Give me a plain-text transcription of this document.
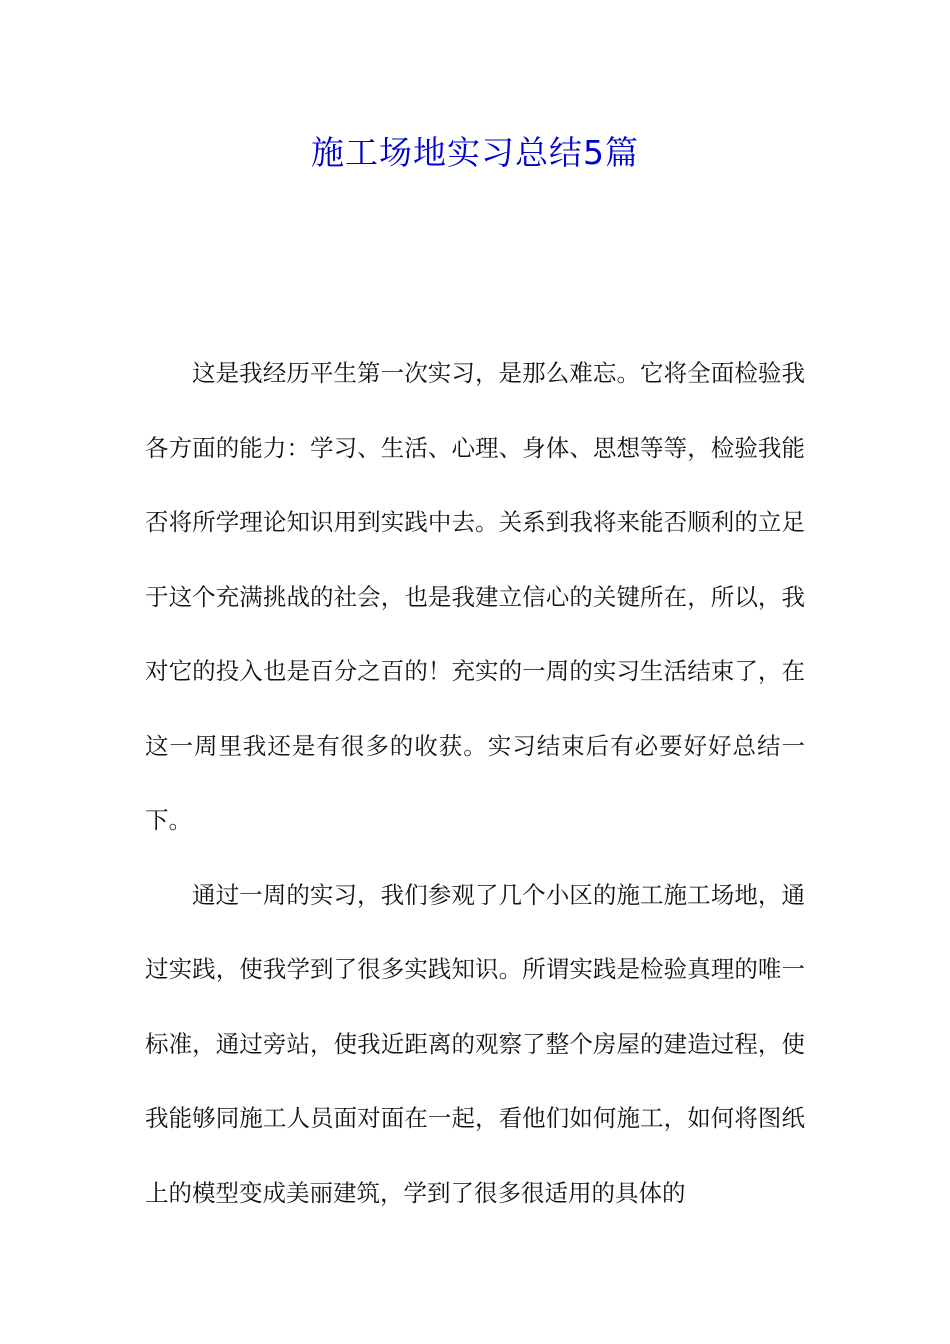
施工场地实习总结5篇

这是我经历平生第一次实习，是那么难忘。它将全面检验我各方面的能力：学习、生活、心理、身体、思想等等，检验我能否将所学理论知识用到实践中去。关系到我将来能否顺利的立足于这个充满挑战的社会，也是我建立信心的关键所在，所以，我对它的投入也是百分之百的！充实的一周的实习生活结束了，在这一周里我还是有很多的收获。实习结束后有必要好好总结一下。

通过一周的实习，我们参观了几个小区的施工施工场地，通过实践，使我学到了很多实践知识。所谓实践是检验真理的唯一标准，通过旁站，使我近距离的观察了整个房屋的建造过程，使我能够同施工人员面对面在一起，看他们如何施工，如何将图纸上的模型变成美丽建筑，学到了很多很适用的具体的
